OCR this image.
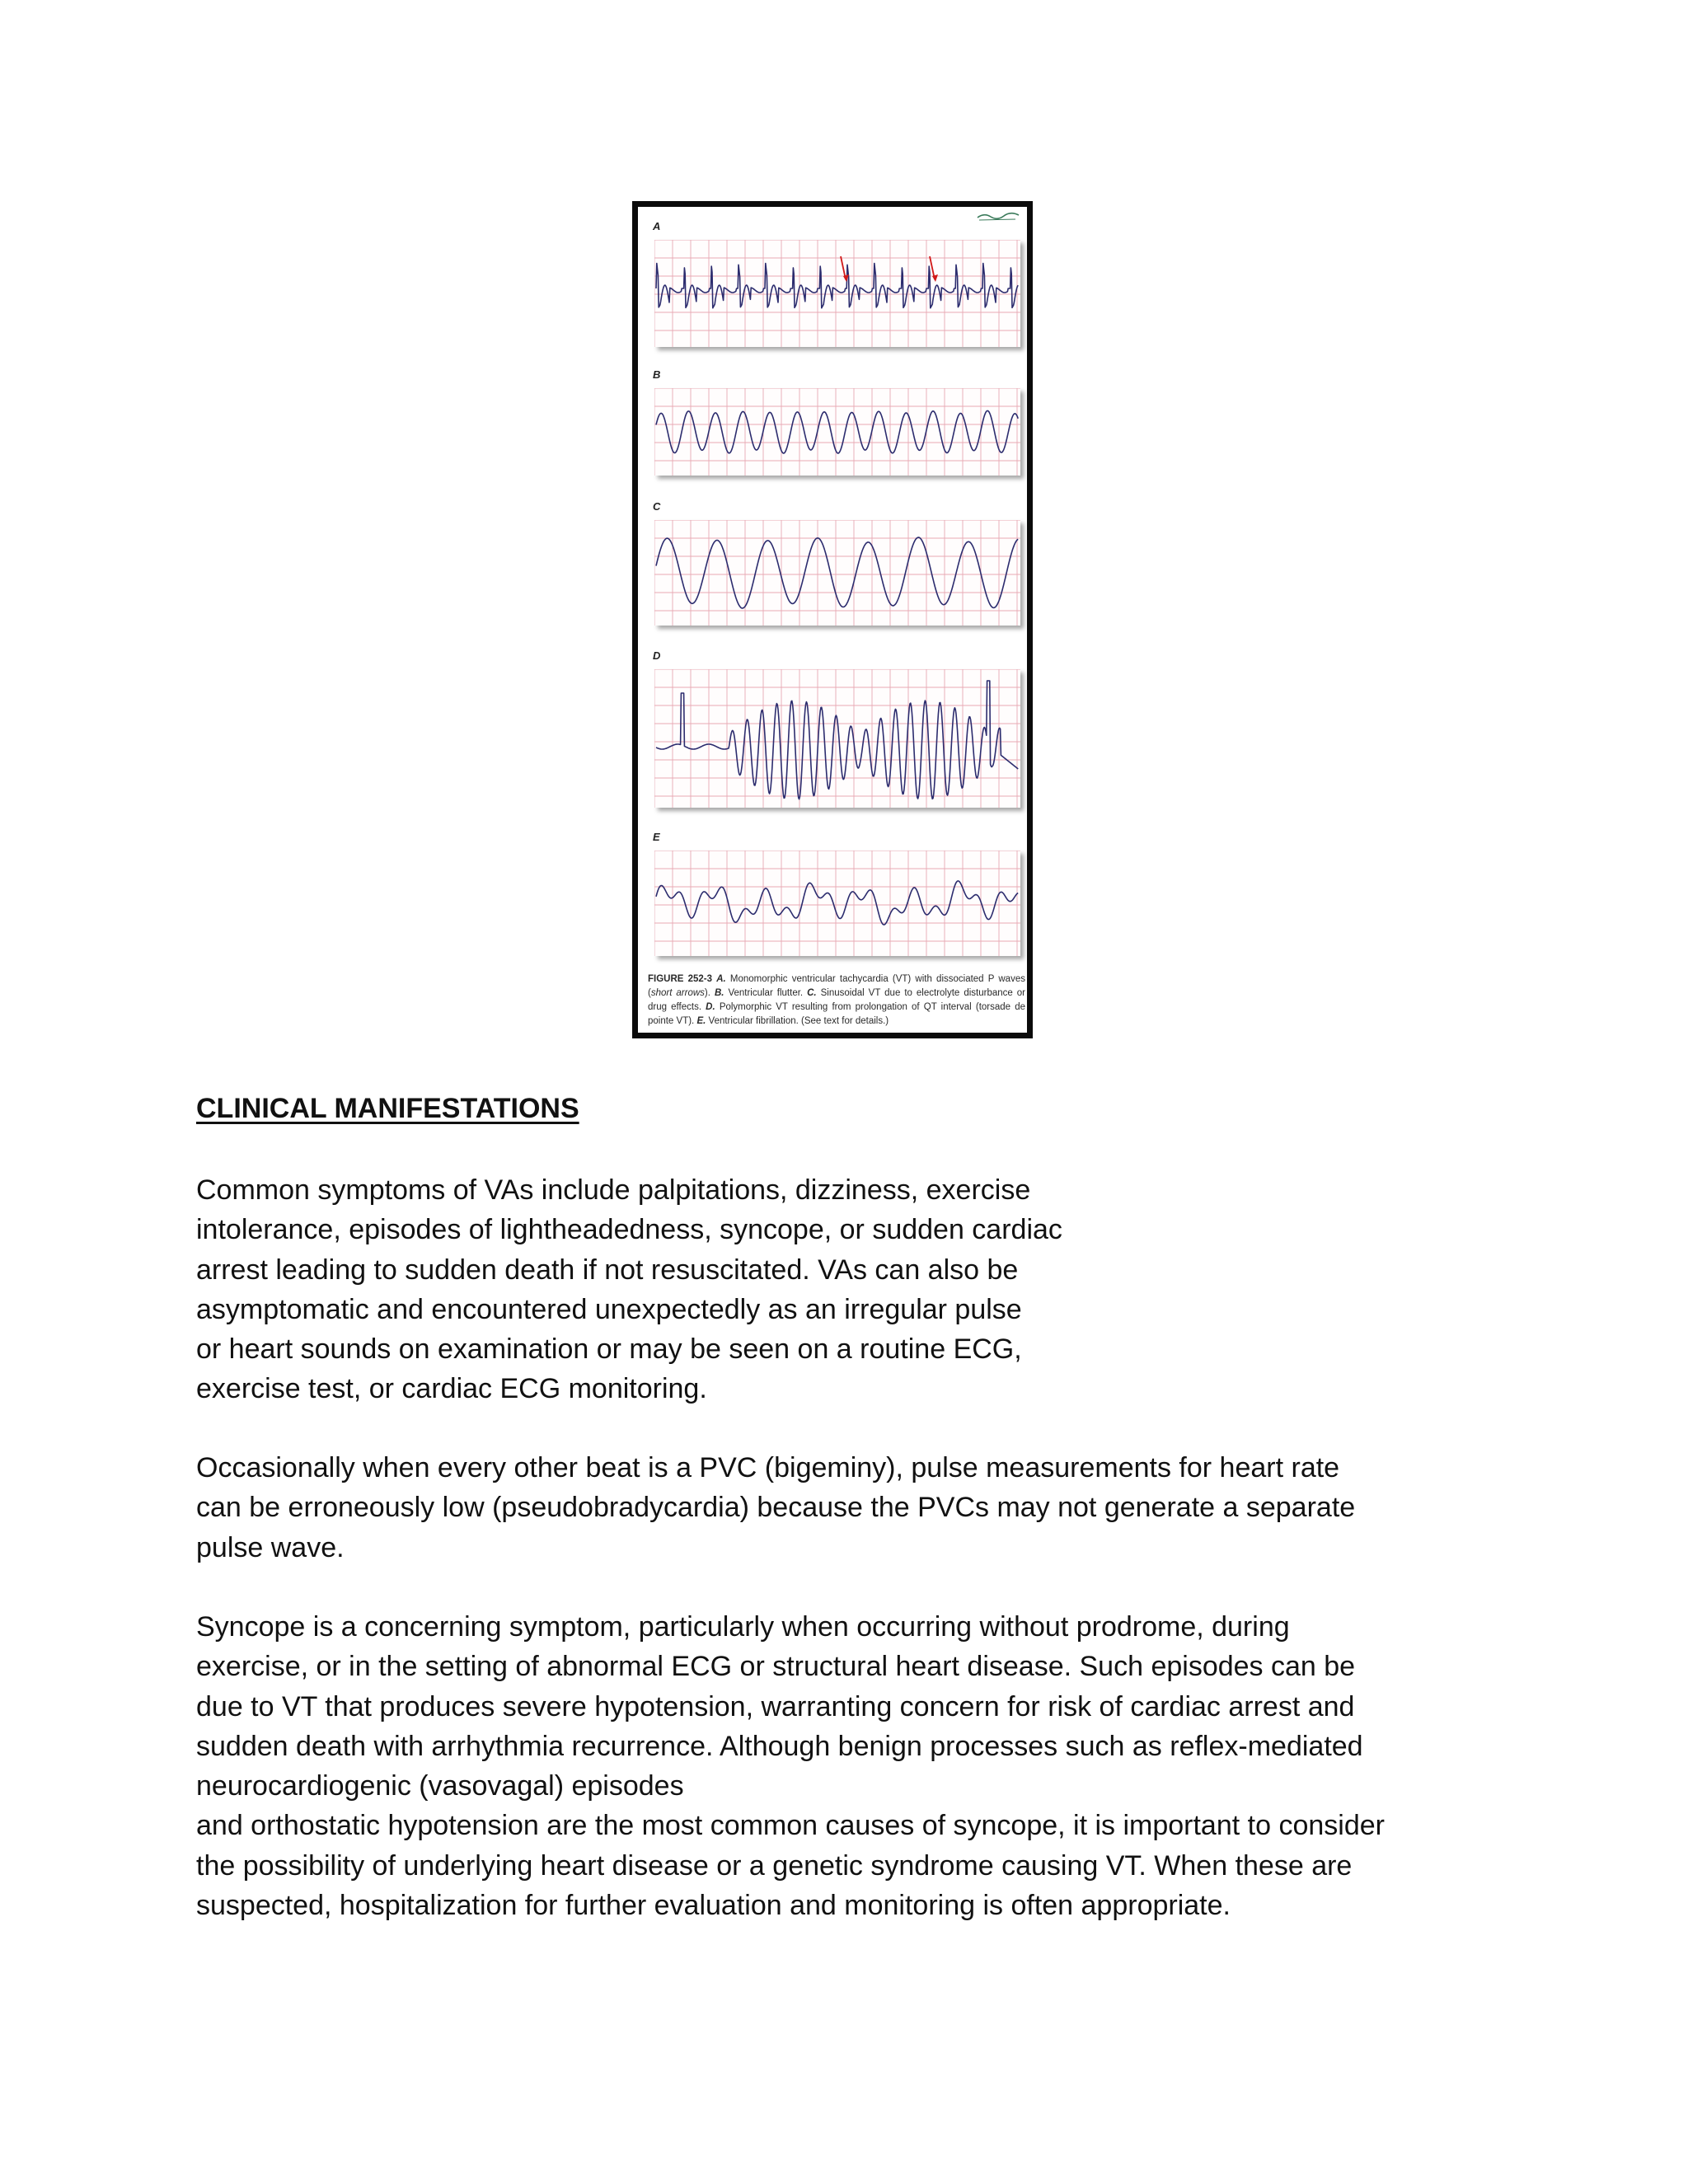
A
B
C
D
E
FIGURE 252-3 A. Monomorphic ventricular tachycardia (VT) with dissociated P waves (short arrows). B. Ventricular flutter. C. Sinusoidal VT due to electrolyte disturbance or drug effects. D. Polymorphic VT resulting from prolongation of QT interval (torsade de pointe VT). E. Ventricular fibrillation. (See text for details.)
CLINICAL MANIFESTATIONS

Common symptoms of VAs include palpitations, dizziness, exercise
intolerance, episodes of lightheadedness, syncope, or sudden cardiac
arrest leading to sudden death if not resuscitated. VAs can also be
asymptomatic and encountered unexpectedly as an irregular pulse
or heart sounds on examination or may be seen on a routine ECG,
exercise test, or cardiac ECG monitoring.

Occasionally when every other beat is a PVC (bigeminy), pulse measurements for heart rate
can be erroneously low (pseudobradycardia) because the PVCs may not generate a separate
pulse wave.

Syncope is a concerning symptom, particularly when occurring without prodrome, during
exercise, or in the setting of abnormal ECG or structural heart disease. Such episodes can be
due to VT that produces severe hypotension, warranting concern for risk of cardiac arrest and
sudden death with arrhythmia recurrence. Although benign processes such as reflex-mediated
neurocardiogenic (vasovagal) episodes
and orthostatic hypotension are the most common causes of syncope, it is important to consider
the possibility of underlying heart disease or a genetic syndrome causing VT. When these are
suspected, hospitalization for further evaluation and monitoring is often appropriate.
